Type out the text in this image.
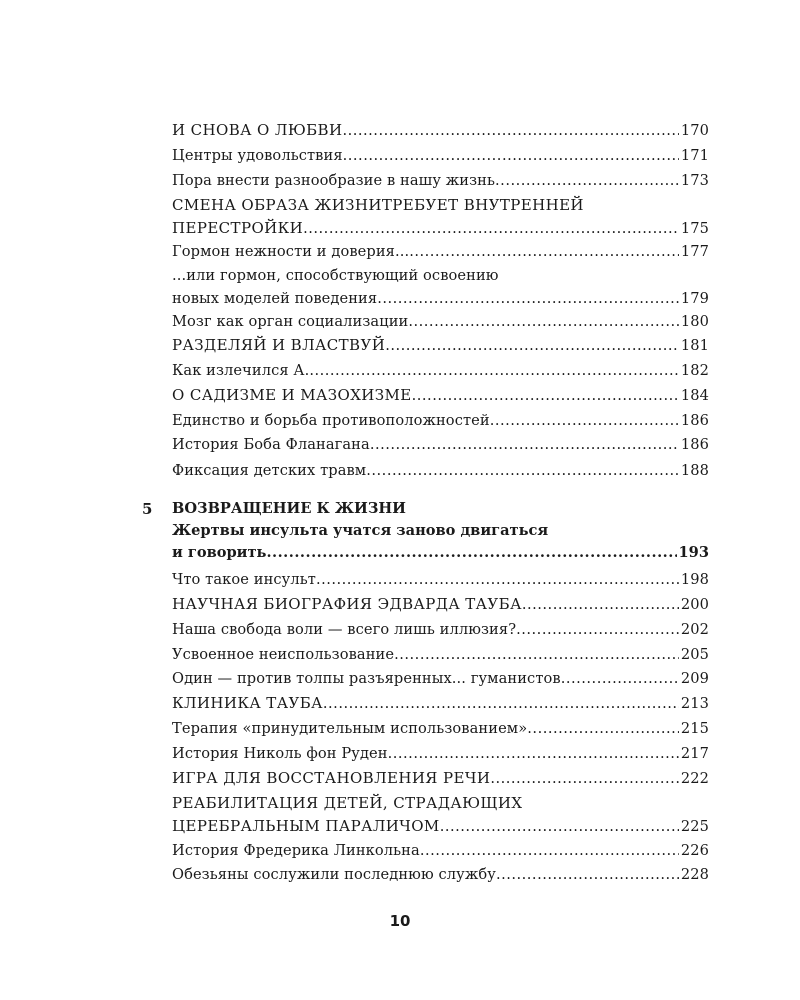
И СНОВА О ЛЮБВИ .....	170
Центры удовольствия .....	171
Пора внести разнообразие в нашу жизнь .....	173
СМЕНА ОБРАЗА ЖИЗНИТРЕБУЕТ ВНУТРЕННЕЙ
ПЕРЕСТРОЙКИ .....	175
Гормон нежности и доверия... .....	177
...или гормон, способствующий освоению
новых моделей поведения .....	179
Мозг как орган социализации .....	180
РАЗДЕЛЯЙ И ВЛАСТВУЙ .....	181
Как излечился А. .....	182
О САДИЗМЕ И МАЗОХИЗМЕ .....	184
Единство и борьба противоположностей .....	186
История Боба Фланагана .....	186
Фиксация детских травм .....	188
5 ВОЗВРАЩЕНИЕ К ЖИЗНИ
Жертвы инсульта учатся заново двигаться
и говорить .....	193
Что такое инсульт .....	198
НАУЧНАЯ БИОГРАФИЯ ЭДВАРДА ТАУБА .....	200
Наша свобода воли — всего лишь иллюзия? .....	202
Усвоенное неиспользование .....	205
Один — против толпы разъяренных... гуманистов .....	209
КЛИНИКА ТАУБА .....	213
Терапия «принудительным использованием» .....	215
История Николь фон Руден .....	217
ИГРА ДЛЯ ВОССТАНОВЛЕНИЯ РЕЧИ .....	222
РЕАБИЛИТАЦИЯ ДЕТЕЙ, СТРАДАЮЩИХ
ЦЕРЕБРАЛЬНЫМ ПАРАЛИЧОМ .....	225
История Фредерика Линкольна .....	226
Обезьяны сослужили последнюю службу .....	228
10
